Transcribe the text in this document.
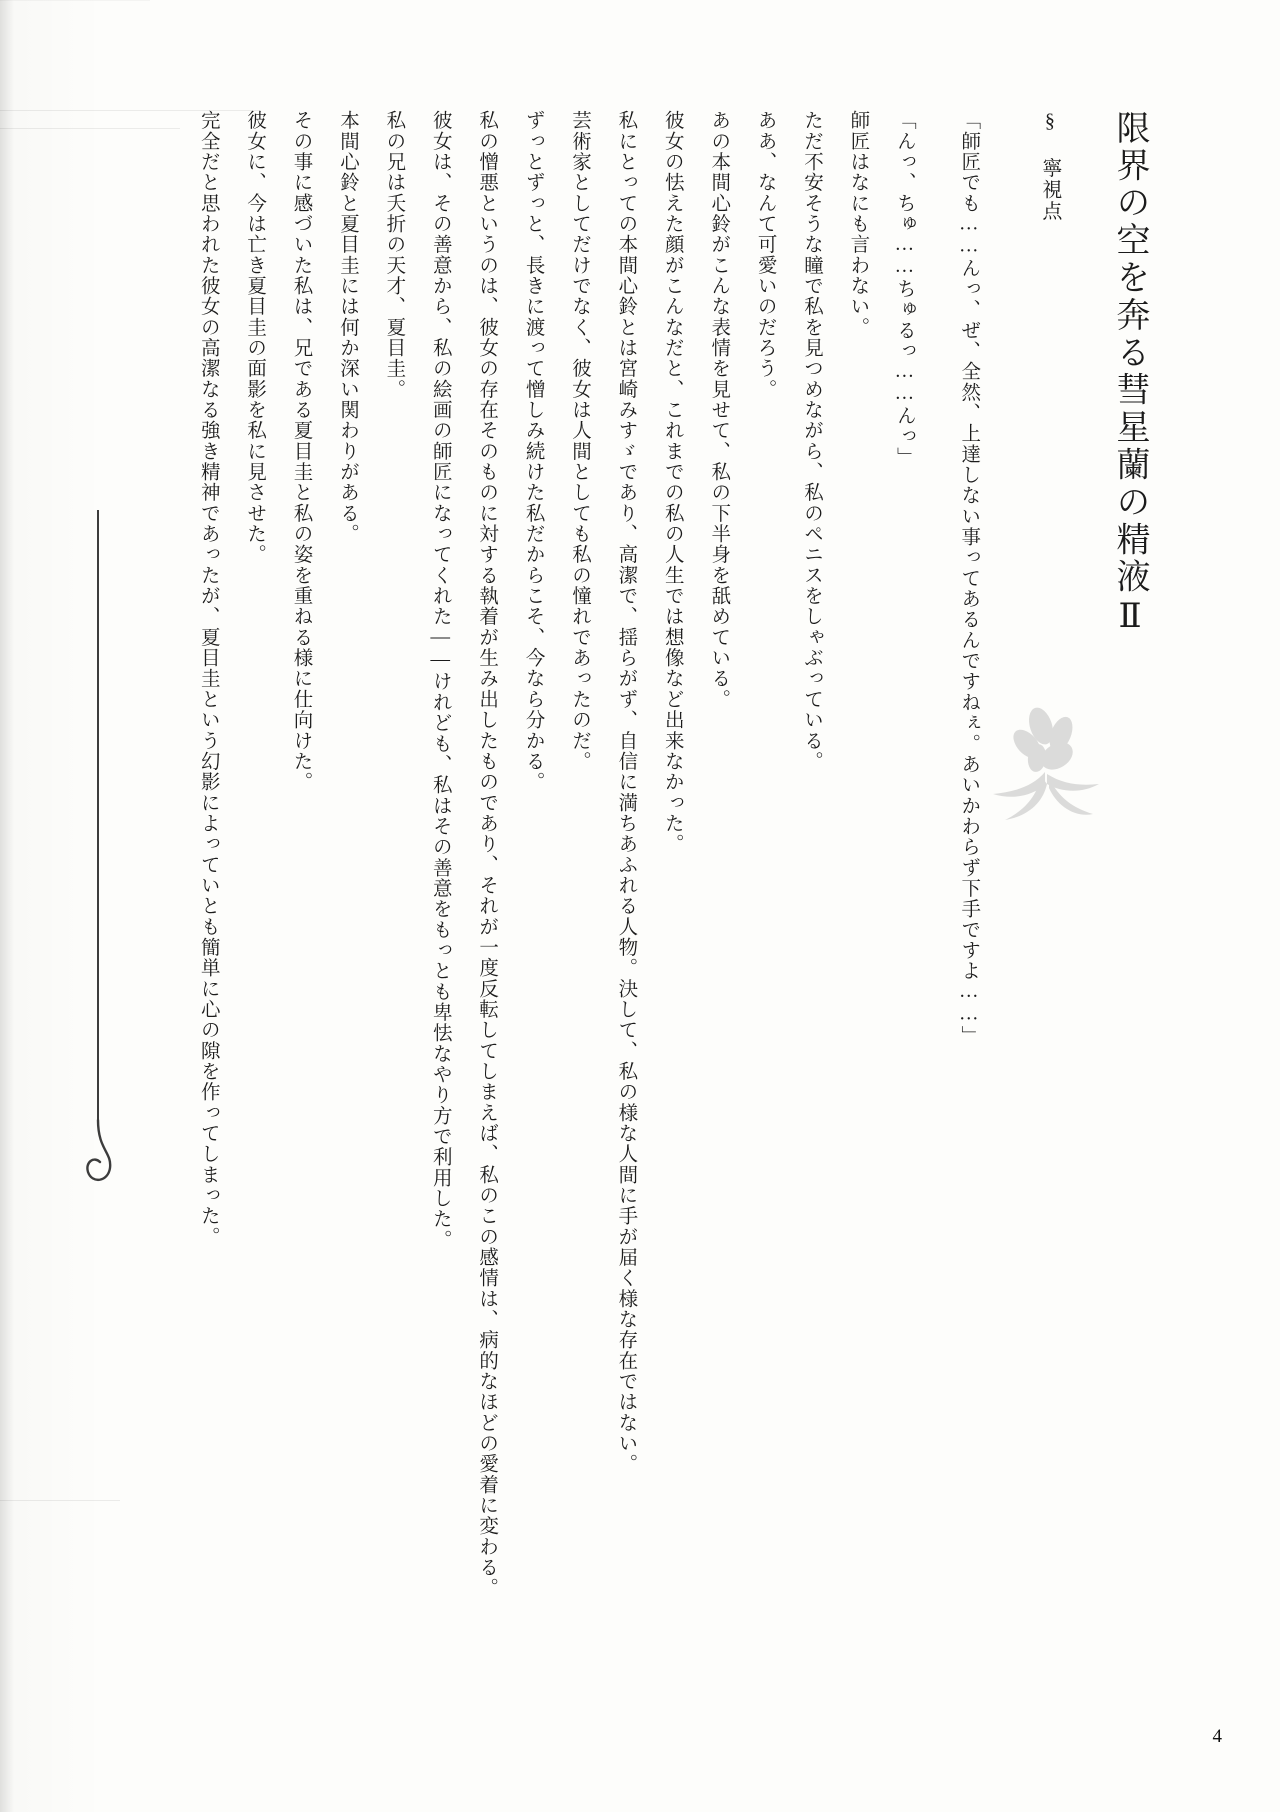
限界の空を奔る彗星蘭の精液Ⅱ

§ 寧視点

「師匠でも……んっ、ぜ、全然、上達しない事ってあるんですねぇ。あいかわらず下手ですよ……」

「んっ、ちゅ……ちゅるっ……んっ」

師匠はなにも言わない。

ただ不安そうな瞳で私を見つめながら、私のペニスをしゃぶっている。

ああ、なんて可愛いのだろう。

あの本間心鈴がこんな表情を見せて、私の下半身を舐めている。

彼女の怯えた顔がこんなだと、これまでの私の人生では想像など出来なかった。

私にとっての本間心鈴とは宮崎みすゞであり、高潔で、揺らがず、自信に満ちあふれる人物。決して、私の様な人間に手が届く様な存在ではない。

芸術家としてだけでなく、彼女は人間としても私の憧れであったのだ。

ずっとずっと、長きに渡って憎しみ続けた私だからこそ、今なら分かる。

私の憎悪というのは、彼女の存在そのものに対する執着が生み出したものであり、それが一度反転してしまえば、私のこの感情は、病的なほどの愛着に変わる。

彼女は、その善意から、私の絵画の師匠になってくれた——けれども、私はその善意をもっとも卑怯なやり方で利用した。

私の兄は夭折の天才、夏目圭。

本間心鈴と夏目圭には何か深い関わりがある。

その事に感づいた私は、兄である夏目圭と私の姿を重ねる様に仕向けた。

彼女に、今は亡き夏目圭の面影を私に見させた。

完全だと思われた彼女の高潔なる強き精神であったが、夏目圭という幻影によっていとも簡単に心の隙を作ってしまった。

4
